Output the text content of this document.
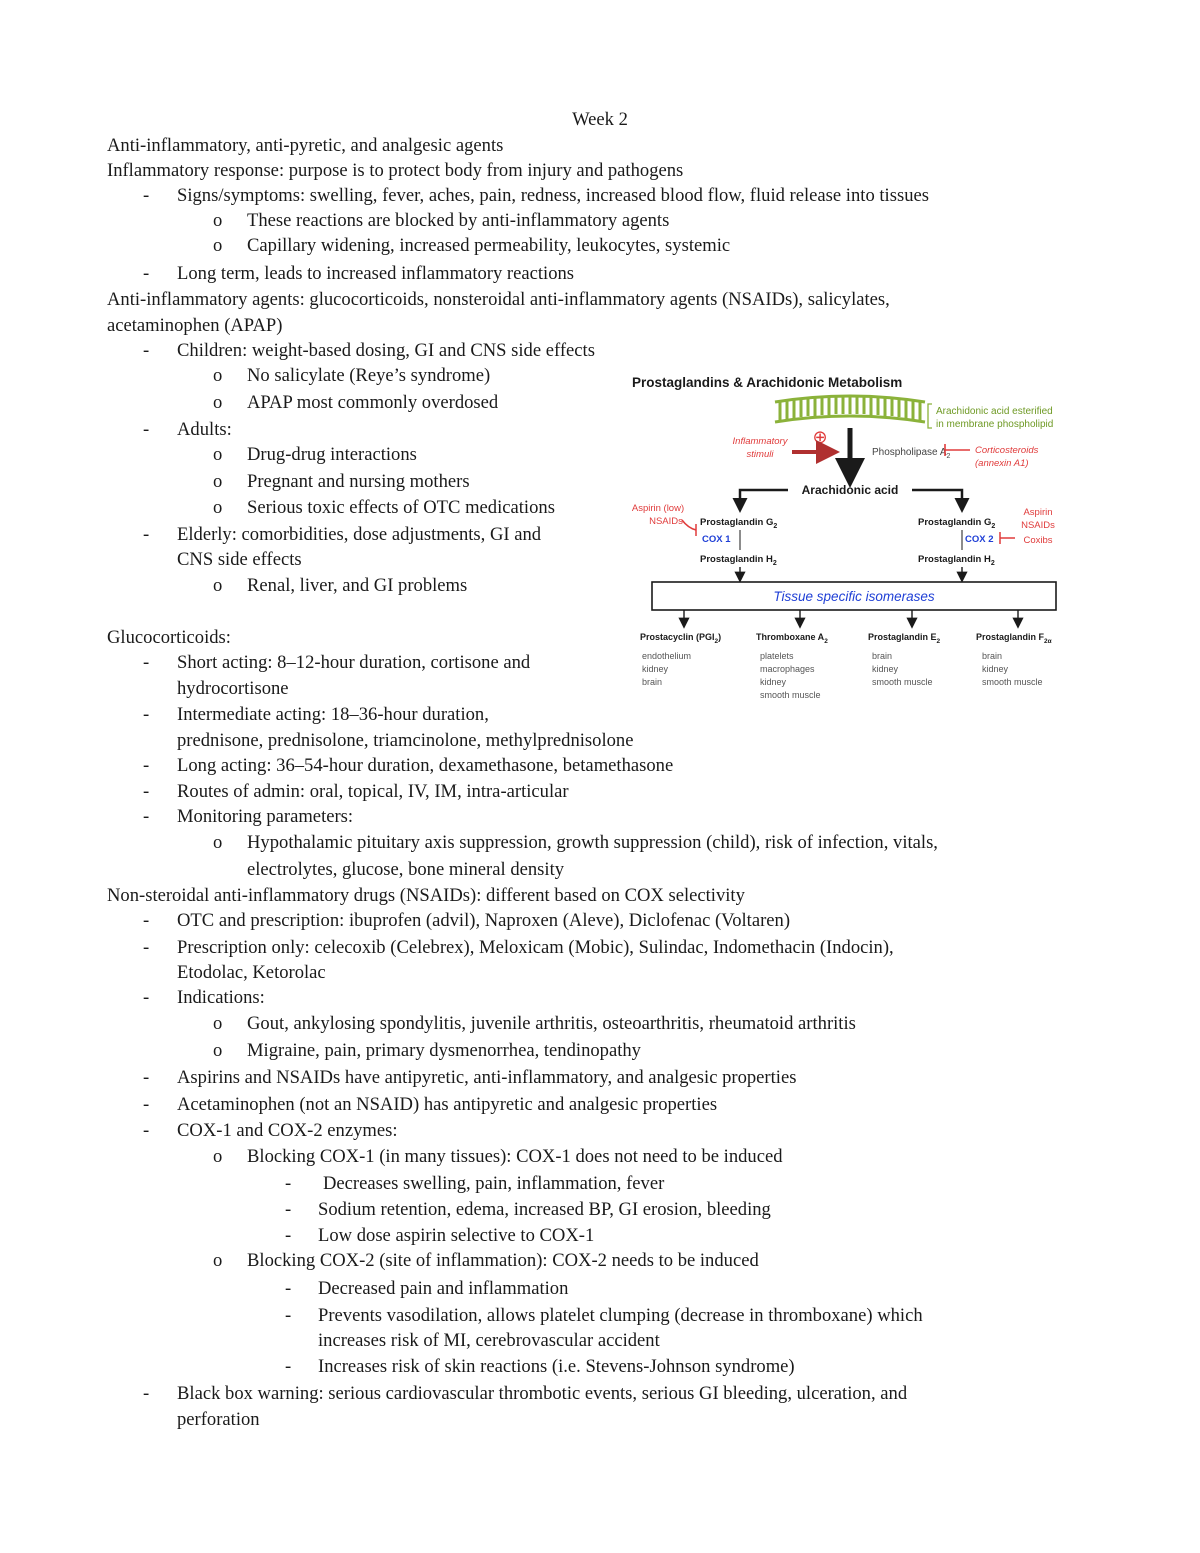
Week 2
Anti-inflammatory, anti-pyretic, and analgesic agents
Inflammatory response: purpose is to protect body from injury and pathogens
- Signs/symptoms: swelling, fever, aches, pain, redness, increased blood flow, fluid release into tissues
o These reactions are blocked by anti-inflammatory agents
o Capillary widening, increased permeability, leukocytes, systemic
- Long term, leads to increased inflammatory reactions
Anti-inflammatory agents: glucocorticoids, nonsteroidal anti-inflammatory agents (NSAIDs), salicylates,
acetaminophen (APAP)
- Children: weight-based dosing, GI and CNS side effects
o No salicylate (Reye’s syndrome)
o APAP most commonly overdosed
- Adults:
o Drug-drug interactions
o Pregnant and nursing mothers
o Serious toxic effects of OTC medications
- Elderly: comorbidities, dose adjustments, GI and
CNS side effects
o Renal, liver, and GI problems
Glucocorticoids:
- Short acting: 8–12-hour duration, cortisone and
hydrocortisone
- Intermediate acting: 18–36-hour duration,
prednisone, prednisolone, triamcinolone, methylprednisolone
- Long acting: 36–54-hour duration, dexamethasone, betamethasone
- Routes of admin: oral, topical, IV, IM, intra-articular
- Monitoring parameters:
o Hypothalamic pituitary axis suppression, growth suppression (child), risk of infection, vitals,
electrolytes, glucose, bone mineral density
Non-steroidal anti-inflammatory drugs (NSAIDs): different based on COX selectivity
- OTC and prescription: ibuprofen (advil), Naproxen (Aleve), Diclofenac (Voltaren)
- Prescription only: celecoxib (Celebrex), Meloxicam (Mobic), Sulindac, Indomethacin (Indocin),
Etodolac, Ketorolac
- Indications:
o Gout, ankylosing spondylitis, juvenile arthritis, osteoarthritis, rheumatoid arthritis
o Migraine, pain, primary dysmenorrhea, tendinopathy
- Aspirins and NSAIDs have antipyretic, anti-inflammatory, and analgesic properties
- Acetaminophen (not an NSAID) has antipyretic and analgesic properties
- COX-1 and COX-2 enzymes:
o Blocking COX-1 (in many tissues): COX-1 does not need to be induced
- Decreases swelling, pain, inflammation, fever
- Sodium retention, edema, increased BP, GI erosion, bleeding
- Low dose aspirin selective to COX-1
o Blocking COX-2 (site of inflammation): COX-2 needs to be induced
- Decreased pain and inflammation
- Prevents vasodilation, allows platelet clumping (decrease in thromboxane) which
increases risk of MI, cerebrovascular accident
- Increases risk of skin reactions (i.e. Stevens-Johnson syndrome)
- Black box warning: serious cardiovascular thrombotic events, serious GI bleeding, ulceration, and
perforation
Prostaglandins & Arachidonic Metabolism
Arachidonic acid esterified
in membrane phospholipid
Inflammatory
stimuli
⊕
Phospholipase $A_2$
Corticosteroids
(annexin A1)
Arachidonic acid
Aspirin (low)
NSAIDs Prostaglandin $G_2$
COX 1
Prostaglandin $H_2$
Prostaglandin $G_2$
COX 2
Aspirin
NSAIDs
Coxibs
Prostaglandin $H_2$
Tissue specific isomerases
Prostacyclin $(PGI_2)$
endothelium
kidney
brain
Thromboxane $A_2$
platelets
macrophages
kidney
smooth muscle
Prostaglandin $E_2$
brain
kidney
smooth muscle
Prostaglandin $F_{2\alpha}$
brain
kidney
smooth muscle
